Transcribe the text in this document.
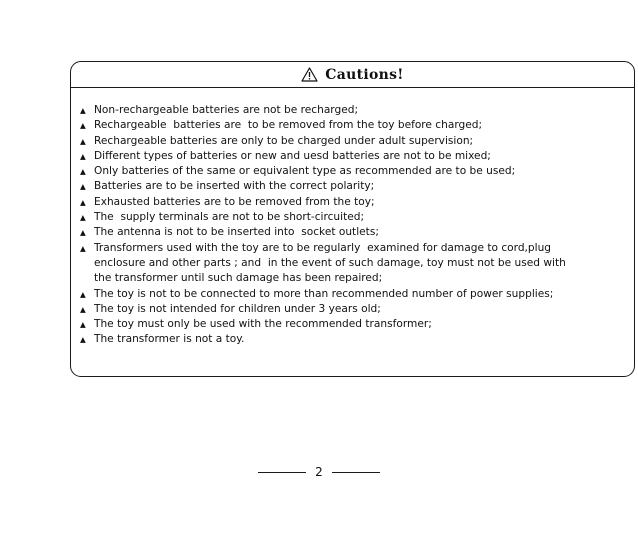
Cautions!
▲ Non-rechargeable batteries are not be recharged;
▲ Rechargeable  batteries are  to be removed from the toy before charged;
▲ Rechargeable batteries are only to be charged under adult supervision;
▲ Different types of batteries or new and uesd batteries are not to be mixed;
▲ Only batteries of the same or equivalent type as recommended are to be used;
▲ Batteries are to be inserted with the correct polarity;
▲ Exhausted batteries are to be removed from the toy;
▲ The  supply terminals are not to be short-circuited;
▲ The antenna is not to be inserted into  socket outlets;
▲ Transformers used with the toy are to be regularly  examined for damage to cord,plug
enclosure and other parts ; and  in the event of such damage, toy must not be used with
the transformer until such damage has been repaired;
▲ The toy is not to be connected to more than recommended number of power supplies;
▲ The toy is not intended for children under 3 years old;
▲ The toy must only be used with the recommended transformer;
▲ The transformer is not a toy.
2
